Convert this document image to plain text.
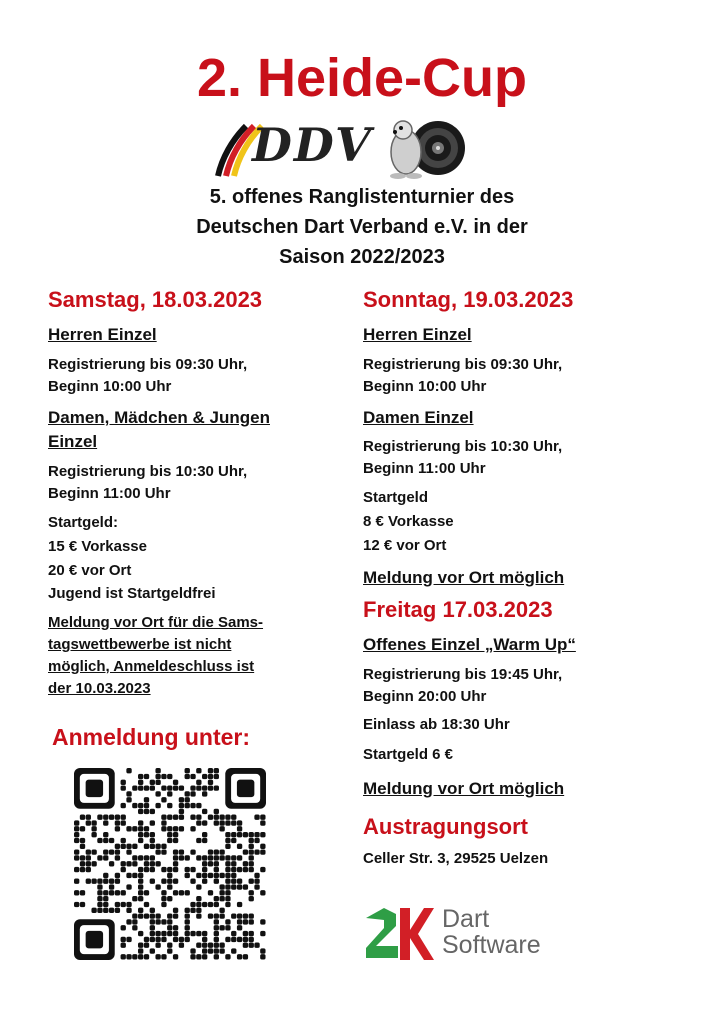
2. Heide-Cup
DDV
5. offenes Ranglistenturnier des
Deutschen Dart Verband e.V. in der
Saison 2022/2023
Samstag, 18.03.2023
Herren Einzel
Registrierung bis 09:30 Uhr,
Beginn 10:00 Uhr
Damen, Mädchen & Jungen
Einzel
Registrierung bis 10:30 Uhr,
Beginn 11:00 Uhr
Startgeld:
15 € Vorkasse
20 € vor Ort
Jugend ist Startgeldfrei
Meldung vor Ort für die Sams-
tagswettbewerbe ist nicht
möglich, Anmeldeschluss ist
der 10.03.2023
Anmeldung unter:
Sonntag, 19.03.2023
Herren Einzel
Registrierung bis 09:30 Uhr,
Beginn 10:00 Uhr
Damen Einzel
Registrierung bis 10:30 Uhr,
Beginn 11:00 Uhr
Startgeld
8 € Vorkasse
12 € vor Ort
Meldung vor Ort möglich
Freitag 17.03.2023
Offenes Einzel „Warm Up“
Registrierung bis 19:45 Uhr,
Beginn 20:00 Uhr
Einlass ab 18:30 Uhr
Startgeld 6 €
Meldung vor Ort möglich
Austragungsort
Celler Str. 3, 29525 Uelzen
Dart
Software
